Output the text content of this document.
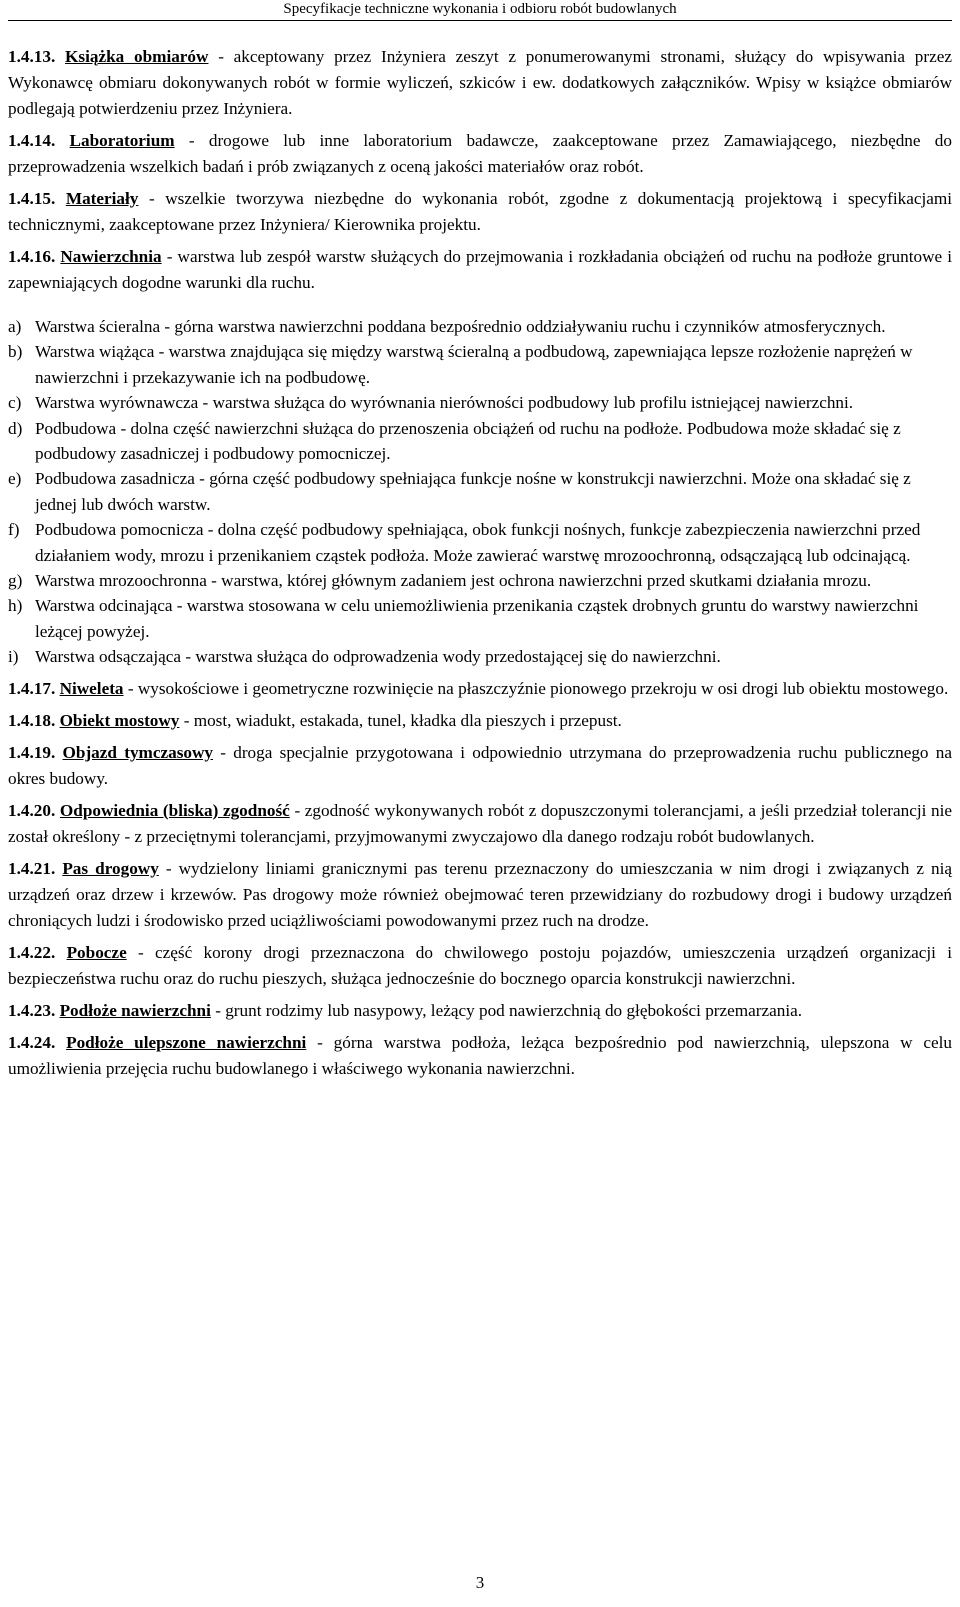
Specyfikacje techniczne wykonania i odbioru robót budowlanych

1.4.13. Książka obmiarów - akceptowany przez Inżyniera zeszyt z ponumerowanymi stronami, służący do wpisywania przez Wykonawcę obmiaru dokonywanych robót w formie wyliczeń, szkiców i ew. dodatkowych załączników. Wpisy w książce obmiarów podlegają potwierdzeniu przez Inżyniera.

1.4.14. Laboratorium - drogowe lub inne laboratorium badawcze, zaakceptowane przez Zamawiającego, niezbędne do przeprowadzenia wszelkich badań i prób związanych z oceną jakości materiałów oraz robót.

1.4.15. Materiały - wszelkie tworzywa niezbędne do wykonania robót, zgodne z dokumentacją projektową i specyfikacjami technicznymi, zaakceptowane przez Inżyniera/ Kierownika projektu.

1.4.16. Nawierzchnia - warstwa lub zespół warstw służących do przejmowania i rozkładania obciążeń od ruchu na podłoże gruntowe i zapewniających dogodne warunki dla ruchu.

a) Warstwa ścieralna - górna warstwa nawierzchni poddana bezpośrednio oddziaływaniu ruchu i czynników atmosferycznych.
b) Warstwa wiążąca - warstwa znajdująca się między warstwą ścieralną a podbudową, zapewniająca lepsze rozłożenie naprężeń w nawierzchni i przekazywanie ich na podbudowę.
c) Warstwa wyrównawcza - warstwa służąca do wyrównania nierówności podbudowy lub profilu istniejącej nawierzchni.
d) Podbudowa - dolna część nawierzchni służąca do przenoszenia obciążeń od ruchu na podłoże. Podbudowa może składać się z podbudowy zasadniczej i podbudowy pomocniczej.
e) Podbudowa zasadnicza - górna część podbudowy spełniająca funkcje nośne w konstrukcji nawierzchni. Może ona składać się z jednej lub dwóch warstw.
f) Podbudowa pomocnicza - dolna część podbudowy spełniająca, obok funkcji nośnych, funkcje zabezpieczenia nawierzchni przed działaniem wody, mrozu i przenikaniem cząstek podłoża. Może zawierać warstwę mrozoochronną, odsączającą lub odcinającą.
g) Warstwa mrozoochronna - warstwa, której głównym zadaniem jest ochrona nawierzchni przed skutkami działania mrozu.
h) Warstwa odcinająca - warstwa stosowana w celu uniemożliwienia przenikania cząstek drobnych gruntu do warstwy nawierzchni leżącej powyżej.
i) Warstwa odsączająca - warstwa służąca do odprowadzenia wody przedostającej się do nawierzchni.

1.4.17. Niweleta - wysokościowe i geometryczne rozwinięcie na płaszczyźnie pionowego przekroju w osi drogi lub obiektu mostowego.

1.4.18. Obiekt mostowy - most, wiadukt, estakada, tunel, kładka dla pieszych i przepust.

1.4.19. Objazd tymczasowy - droga specjalnie przygotowana i odpowiednio utrzymana do przeprowadzenia ruchu publicznego na okres budowy.

1.4.20. Odpowiednia (bliska) zgodność - zgodność wykonywanych robót z dopuszczonymi tolerancjami, a jeśli przedział tolerancji nie został określony - z przeciętnymi tolerancjami, przyjmowanymi zwyczajowo dla danego rodzaju robót budowlanych.

1.4.21. Pas drogowy - wydzielony liniami granicznymi pas terenu przeznaczony do umieszczania w nim drogi i związanych z nią urządzeń oraz drzew i krzewów. Pas drogowy może również obejmować teren przewidziany do rozbudowy drogi i budowy urządzeń chroniących ludzi i środowisko przed uciążliwościami powodowanymi przez ruch na drodze.

1.4.22. Pobocze - część korony drogi przeznaczona do chwilowego postoju pojazdów, umieszczenia urządzeń organizacji i bezpieczeństwa ruchu oraz do ruchu pieszych, służąca jednocześnie do bocznego oparcia konstrukcji nawierzchni.

1.4.23. Podłoże nawierzchni - grunt rodzimy lub nasypowy, leżący pod nawierzchnią do głębokości przemarzania.

1.4.24. Podłoże ulepszone nawierzchni - górna warstwa podłoża, leżąca bezpośrednio pod nawierzchnią, ulepszona w celu umożliwienia przejęcia ruchu budowlanego i właściwego wykonania nawierzchni.

3
